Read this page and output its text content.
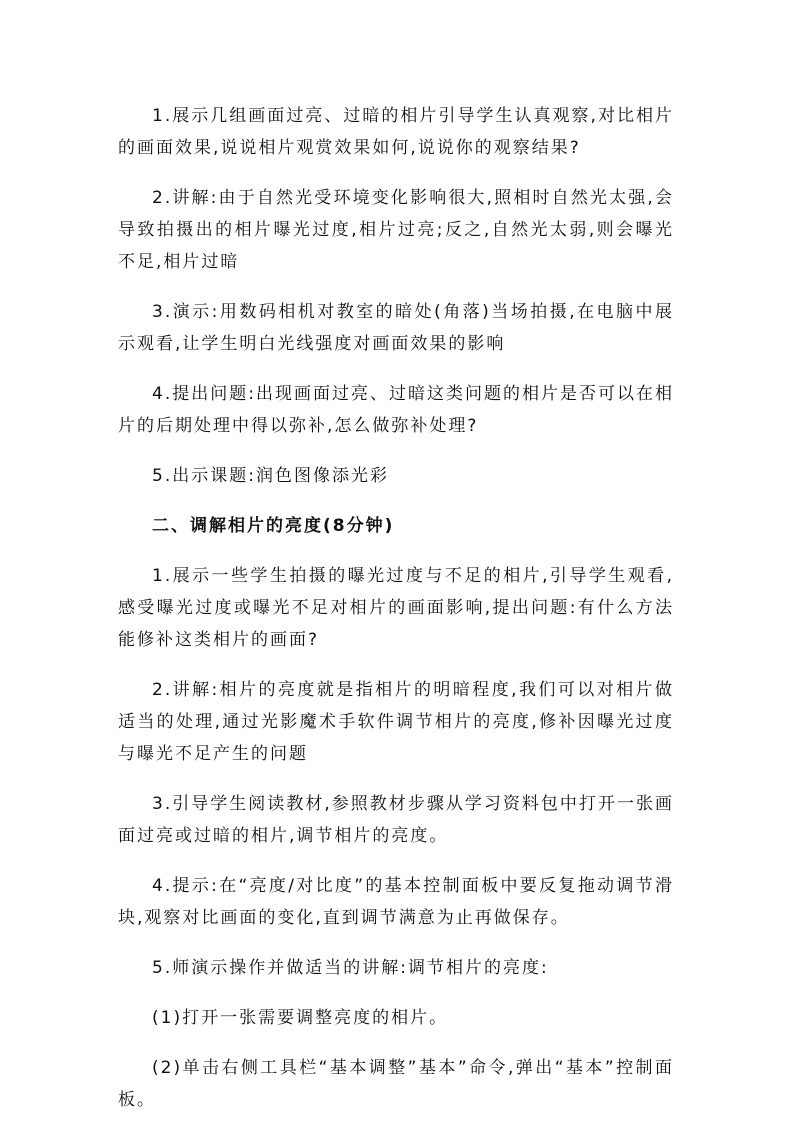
1.展示几组画面过亮、过暗的相片引导学生认真观察,对比相片的画面效果,说说相片观赏效果如何,说说你的观察结果?

2.讲解:由于自然光受环境变化影响很大,照相时自然光太强,会导致拍摄出的相片曝光过度,相片过亮;反之,自然光太弱,则会曝光不足,相片过暗

3.演示:用数码相机对教室的暗处(角落)当场拍摄,在电脑中展示观看,让学生明白光线强度对画面效果的影响

4.提出问题:出现画面过亮、过暗这类问题的相片是否可以在相片的后期处理中得以弥补,怎么做弥补处理?

5.出示课题:润色图像添光彩

二、调解相片的亮度(8分钟)

1.展示一些学生拍摄的曝光过度与不足的相片,引导学生观看,感受曝光过度或曝光不足对相片的画面影响,提出问题:有什么方法能修补这类相片的画面?

2.讲解:相片的亮度就是指相片的明暗程度,我们可以对相片做适当的处理,通过光影魔术手软件调节相片的亮度,修补因曝光过度与曝光不足产生的问题

3.引导学生阅读教材,参照教材步骤从学习资料包中打开一张画面过亮或过暗的相片,调节相片的亮度。

4.提示:在“亮度/对比度”的基本控制面板中要反复拖动调节滑块,观察对比画面的变化,直到调节满意为止再做保存。

5.师演示操作并做适当的讲解:调节相片的亮度:

(1)打开一张需要调整亮度的相片。

(2)单击右侧工具栏“基本调整”基本”命令,弹出“基本”控制面板。
